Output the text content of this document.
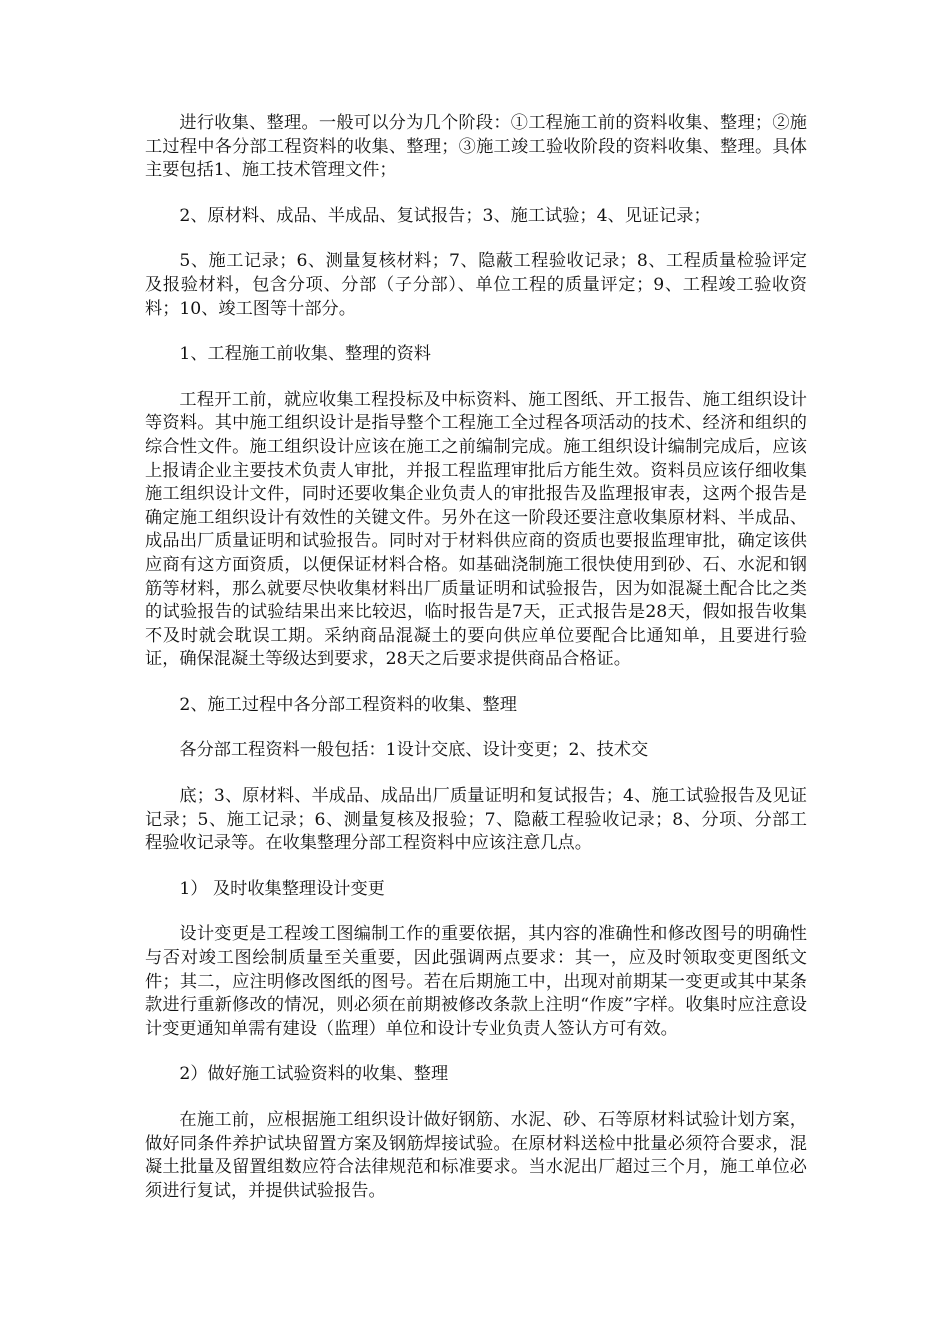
进行收集、整理。一般可以分为几个阶段：①工程施工前的资料收集、整理；②施工过程中各分部工程资料的收集、整理；③施工竣工验收阶段的资料收集、整理。具体主要包括1、施工技术管理文件；

2、原材料、成品、半成品、复试报告；3、施工试验；4、见证记录；

5、施工记录；6、测量复核材料；7、隐蔽工程验收记录；8、工程质量检验评定及报验材料，包含分项、分部（子分部）、单位工程的质量评定；9、工程竣工验收资料；10、竣工图等十部分。

1、工程施工前收集、整理的资料

工程开工前，就应收集工程投标及中标资料、施工图纸、开工报告、施工组织设计等资料。其中施工组织设计是指导整个工程施工全过程各项活动的技术、经济和组织的综合性文件。施工组织设计应该在施工之前编制完成。施工组织设计编制完成后，应该上报请企业主要技术负责人审批，并报工程监理审批后方能生效。资料员应该仔细收集施工组织设计文件，同时还要收集企业负责人的审批报告及监理报审表，这两个报告是确定施工组织设计有效性的关键文件。另外在这一阶段还要注意收集原材料、半成品、成品出厂质量证明和试验报告。同时对于材料供应商的资质也要报监理审批，确定该供应商有这方面资质，以便保证材料合格。如基础浇制施工很快使用到砂、石、水泥和钢筋等材料，那么就要尽快收集材料出厂质量证明和试验报告，因为如混凝土配合比之类的试验报告的试验结果出来比较迟，临时报告是7天，正式报告是28天，假如报告收集不及时就会耽误工期。采纳商品混凝土的要向供应单位要配合比通知单，且要进行验证，确保混凝土等级达到要求，28天之后要求提供商品合格证。

2、施工过程中各分部工程资料的收集、整理

各分部工程资料一般包括：1设计交底、设计变更；2、技术交

底；3、原材料、半成品、成品出厂质量证明和复试报告；4、施工试验报告及见证记录；5、施工记录；6、测量复核及报验；7、隐蔽工程验收记录；8、分项、分部工程验收记录等。在收集整理分部工程资料中应该注意几点。

1） 及时收集整理设计变更

设计变更是工程竣工图编制工作的重要依据，其内容的准确性和修改图号的明确性与否对竣工图绘制质量至关重要，因此强调两点要求：其一，应及时领取变更图纸文件；其二，应注明修改图纸的图号。若在后期施工中，出现对前期某一变更或其中某条款进行重新修改的情况，则必须在前期被修改条款上注明“作废”字样。收集时应注意设计变更通知单需有建设（监理）单位和设计专业负责人签认方可有效。

2）做好施工试验资料的收集、整理

在施工前，应根据施工组织设计做好钢筋、水泥、砂、石等原材料试验计划方案，做好同条件养护试块留置方案及钢筋焊接试验。在原材料送检中批量必须符合要求，混凝土批量及留置组数应符合法律规范和标准要求。当水泥出厂超过三个月，施工单位必须进行复试，并提供试验报告。
